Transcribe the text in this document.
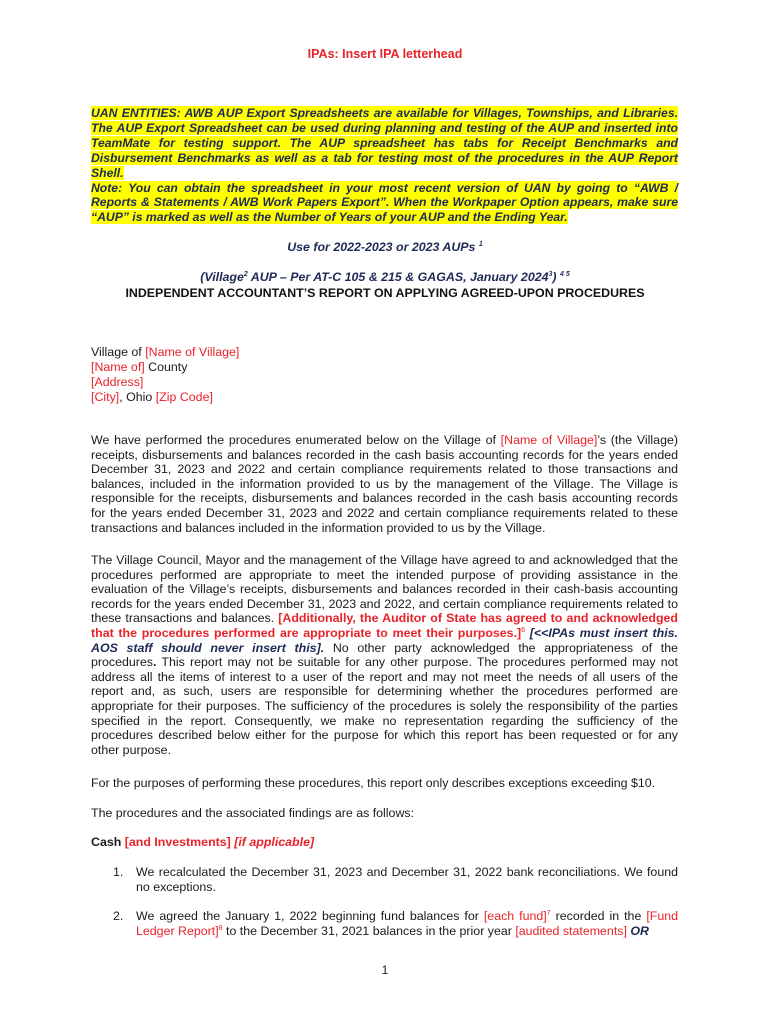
IPAs: Insert IPA letterhead
UAN ENTITIES: AWB AUP Export Spreadsheets are available for Villages, Townships, and Libraries. The AUP Export Spreadsheet can be used during planning and testing of the AUP and inserted into TeamMate for testing support. The AUP spreadsheet has tabs for Receipt Benchmarks and Disbursement Benchmarks as well as a tab for testing most of the procedures in the AUP Report Shell.
Note: You can obtain the spreadsheet in your most recent version of UAN by going to “AWB / Reports & Statements / AWB Work Papers Export”. When the Workpaper Option appears, make sure “AUP” is marked as well as the Number of Years of your AUP and the Ending Year.
Use for 2022-2023 or 2023 AUPs $^1$
(Village$^2$ AUP – Per AT-C 105 & 215 & GAGAS, January 2024$^3$) $^{4 5}$
INDEPENDENT ACCOUNTANT’S REPORT ON APPLYING AGREED-UPON PROCEDURES
Village of [Name of Village]
[Name of] County
[Address]
[City], Ohio [Zip Code]
We have performed the procedures enumerated below on the Village of [Name of Village]’s (the Village) receipts, disbursements and balances recorded in the cash basis accounting records for the years ended December 31, 2023 and 2022 and certain compliance requirements related to those transactions and balances, included in the information provided to us by the management of the Village. The Village is responsible for the receipts, disbursements and balances recorded in the cash basis accounting records for the years ended December 31, 2023 and 2022 and certain compliance requirements related to these transactions and balances included in the information provided to us by the Village.
The Village Council, Mayor and the management of the Village have agreed to and acknowledged that the procedures performed are appropriate to meet the intended purpose of providing assistance in the evaluation of the Village’s receipts, disbursements and balances recorded in their cash-basis accounting records for the years ended December 31, 2023 and 2022, and certain compliance requirements related to these transactions and balances. [Additionally, the Auditor of State has agreed to and acknowledged that the procedures performed are appropriate to meet their purposes.]$^6$ [<<IPAs must insert this. AOS staff should never insert this]. No other party acknowledged the appropriateness of the procedures. This report may not be suitable for any other purpose. The procedures performed may not address all the items of interest to a user of the report and may not meet the needs of all users of the report and, as such, users are responsible for determining whether the procedures performed are appropriate for their purposes. The sufficiency of the procedures is solely the responsibility of the parties specified in the report. Consequently, we make no representation regarding the sufficiency of the procedures described below either for the purpose for which this report has been requested or for any other purpose.
For the purposes of performing these procedures, this report only describes exceptions exceeding $10.
The procedures and the associated findings are as follows:
Cash [and Investments] [if applicable]
1. We recalculated the December 31, 2023 and December 31, 2022 bank reconciliations. We found no exceptions.
2. We agreed the January 1, 2022 beginning fund balances for [each fund]$^7$ recorded in the [Fund Ledger Report]$^8$ to the December 31, 2021 balances in the prior year [audited statements] OR
1
